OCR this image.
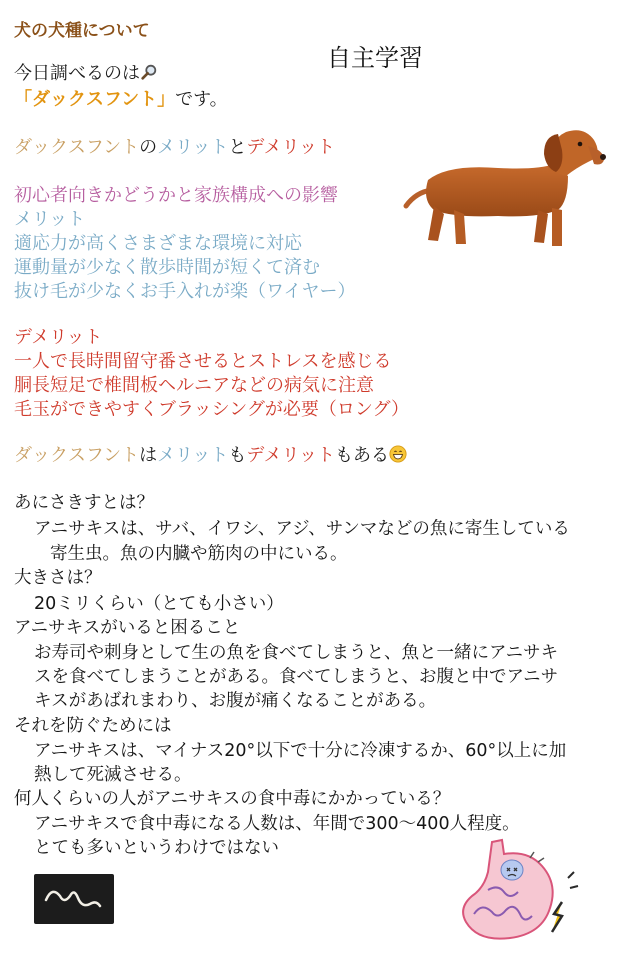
犬の犬種について
自主学習
今日調べるのは
「ダックスフント」です。
ダックスフントのメリットとデメリット
初心者向きかどうかと家族構成への影響
メリット
適応力が高くさまざまな環境に対応
運動量が少なく散歩時間が短くて済む
抜け毛が少なくお手入れが楽（ワイヤー）
デメリット
一人で長時間留守番させるとストレスを感じる
胴長短足で椎間板ヘルニアなどの病気に注意
毛玉ができやすくブラッシングが必要（ロング）
ダックスフントはメリットもデメリットもある
あにさきすとは？
アニサキスは、サバ、イワシ、アジ、サンマなどの魚に寄生している
寄生虫。魚の内臓や筋肉の中にいる。
大きさは？
20ミリくらい（とても小さい）
アニサキスがいると困ること
お寿司や刺身として生の魚を食べてしまうと、魚と一緒にアニサキ
スを食べてしまうことがある。食べてしまうと、お腹と中でアニサ
キスがあばれまわり、お腹が痛くなることがある。
それを防ぐためには
アニサキスは、マイナス20°以下で十分に冷凍するか、60°以上に加
熱して死滅させる。
何人くらいの人がアニサキスの食中毒にかかっている？
アニサキスで食中毒になる人数は、年間で300〜400人程度。
とても多いというわけではない
